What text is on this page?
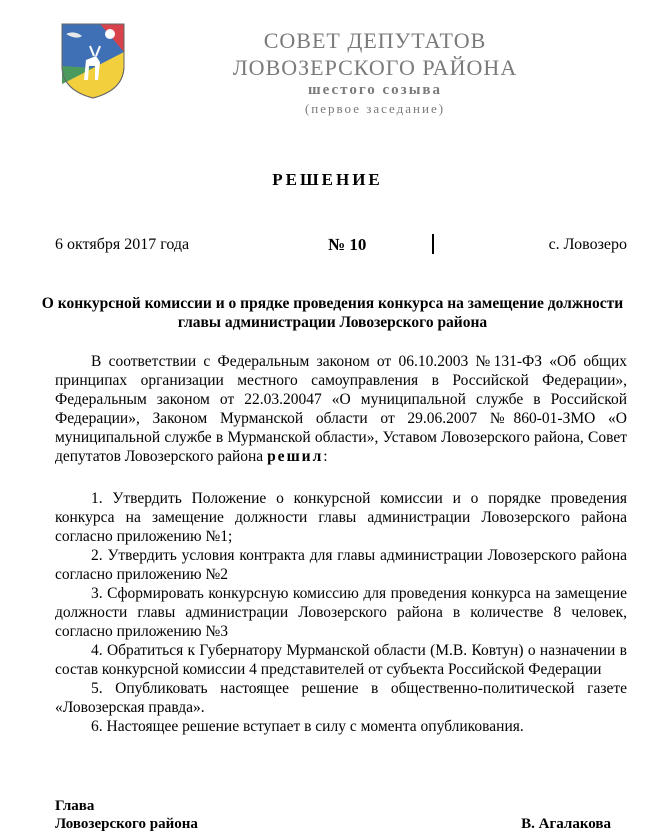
СОВЕТ ДЕПУТАТОВ
ЛОВОЗЕРСКОГО РАЙОНА
шестого созыва
(первое заседание)
РЕШЕНИЕ
6 октября 2017 года	№ 10	с. Ловозеро
О конкурсной комиссии и о прядке проведения конкурса на замещение должности главы администрации Ловозерского района
В соответствии с Федеральным законом от 06.10.2003 №131-ФЗ «Об общих принципах организации местного самоуправления в Российской Федерации», Федеральным законом от 22.03.20047 «О муниципальной службе в Российской Федерации», Законом Мурманской области от 29.06.2007 №860-01-ЗМО «О муниципальной службе в Мурманской области», Уставом Ловозерского района, Совет депутатов Ловозерского района решил:

1. Утвердить Положение о конкурсной комиссии и о порядке проведения конкурса на замещение должности главы администрации Ловозерского района согласно приложению №1;

2. Утвердить условия контракта для главы администрации Ловозерского района согласно приложению №2

3. Сформировать конкурсную комиссию для проведения конкурса на замещение должности главы администрации Ловозерского района в количестве 8 человек, согласно приложению №3

4. Обратиться к Губернатору Мурманской области (М.В. Ковтун) о назначении в состав конкурсной комиссии 4 представителей от субъекта Российской Федерации

5. Опубликовать настоящее решение в общественно-политической газете «Ловозерская правда».

6. Настоящее решение вступает в силу с момента опубликования.

Глава
Ловозерского района	В. Агалакова
